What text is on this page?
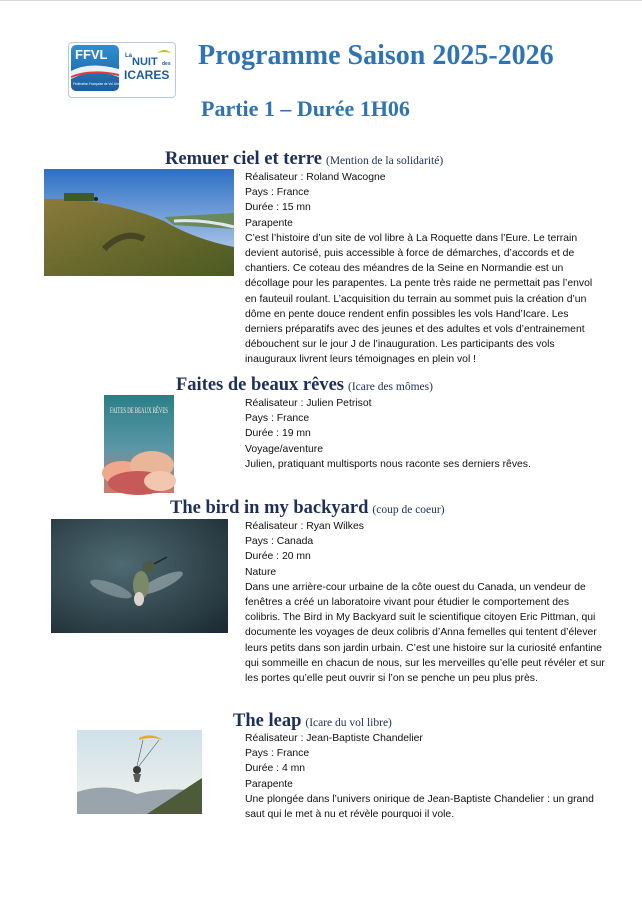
FFVL
Fédération Française de Vol Libre
La NUIT des
ICARES
Programme Saison 2025-2026
Partie 1 – Durée 1H06
Remuer ciel et terre (Mention de la solidarité)
Réalisateur : Roland Wacogne
Pays : France
Durée : 15 mn
Parapente

C’est l’histoire d’un site de vol libre à La Roquette dans l’Eure. Le terrain devient autorisé, puis accessible à force de démarches, d’accords et de chantiers. Ce coteau des méandres de la Seine en Normandie est un décollage pour les parapentes. La pente très raide ne permettait pas l’envol en fauteuil roulant. L’acquisition du terrain au sommet puis la création d’un dôme en pente douce rendent enfin possibles les vols Hand’Icare. Les derniers préparatifs avec des jeunes et des adultes et vols d’entrainement débouchent sur le jour J de l’inauguration. Les participants des vols inauguraux livrent leurs témoignages en plein vol !

Faites de beaux rêves (Icare des mômes)
FAITES DE BEAUX RÊVES
Réalisateur : Julien Petrisot
Pays : France
Durée : 19 mn
Voyage/aventure

Julien, pratiquant multisports nous raconte ses derniers rêves.

The bird in my backyard (coup de coeur)
Réalisateur : Ryan Wilkes
Pays : Canada
Durée : 20 mn
Nature

Dans une arrière-cour urbaine de la côte ouest du Canada, un vendeur de fenêtres a créé un laboratoire vivant pour étudier le comportement des colibris. The Bird in My Backyard suit le scientifique citoyen Eric Pittman, qui documente les voyages de deux colibris d’Anna femelles qui tentent d’élever leurs petits dans son jardin urbain. C’est une histoire sur la curiosité enfantine qui sommeille en chacun de nous, sur les merveilles qu’elle peut révéler et sur les portes qu’elle peut ouvrir si l’on se penche un peu plus près.

The leap (Icare du vol libre)
Réalisateur : Jean-Baptiste Chandelier
Pays : France
Durée : 4 mn
Parapente

Une plongée dans l’univers onirique de Jean-Baptiste Chandelier : un grand saut qui le met à nu et révèle pourquoi il vole.
